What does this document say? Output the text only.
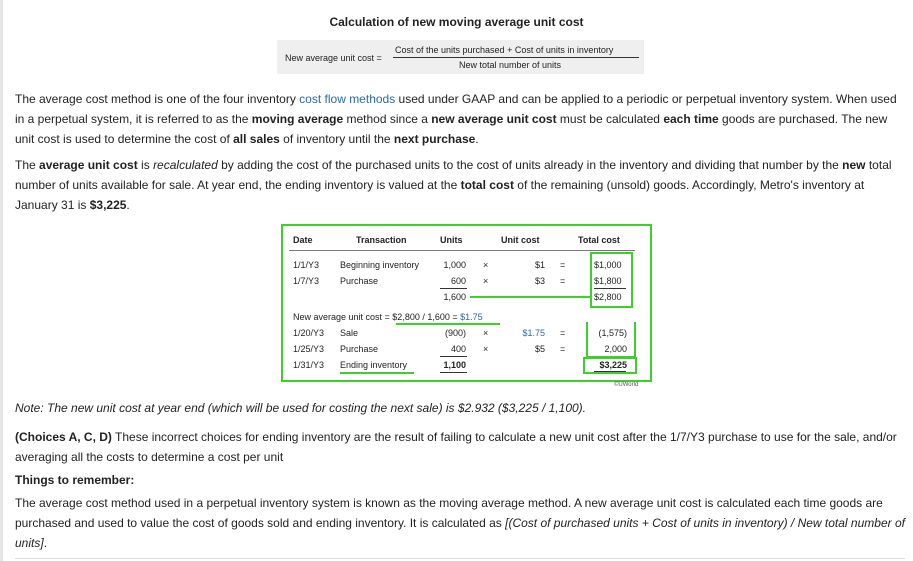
Calculation of new moving average unit cost
New average unit cost =
Cost of the units purchased + Cost of units in inventory
New total number of units
The average cost method is one of the four inventory cost flow methods used under GAAP and can be applied to a periodic or perpetual inventory system. When used in a perpetual system, it is referred to as the moving average method since a new average unit cost must be calculated each time goods are purchased. The new unit cost is used to determine the cost of all sales of inventory until the next purchase.
The average unit cost is recalculated by adding the cost of the purchased units to the cost of units already in the inventory and dividing that number by the new total number of units available for sale. At year end, the ending inventory is valued at the total cost of the remaining (unsold) goods. Accordingly, Metro's inventory at January 31 is $3,225.
Date	Transaction	Units	Unit cost	Total cost
1/1/Y3 Beginning inventory	1,000 ×	$1 =	$1,000
1/7/Y3 Purchase	600 ×	$3 =	$1,800
1,600	$2,800
New average unit cost = $2,800 / 1,600 = $1.75
1/20/Y3 Sale	(900) ×	$1.75 =	(1,575)
1/25/Y3 Purchase	400 ×	$5 =	2,000
1/31/Y3 Ending inventory	1,100	$3,225
©UWorld
Note: The new unit cost at year end (which will be used for costing the next sale) is $2.932 ($3,225 / 1,100).
(Choices A, C, D) These incorrect choices for ending inventory are the result of failing to calculate a new unit cost after the 1/7/Y3 purchase to use for the sale, and/or averaging all the costs to determine a cost per unit
Things to remember:
The average cost method used in a perpetual inventory system is known as the moving average method. A new average unit cost is calculated each time goods are purchased and used to value the cost of goods sold and ending inventory. It is calculated as [(Cost of purchased units + Cost of units in inventory) / New total number of units].
